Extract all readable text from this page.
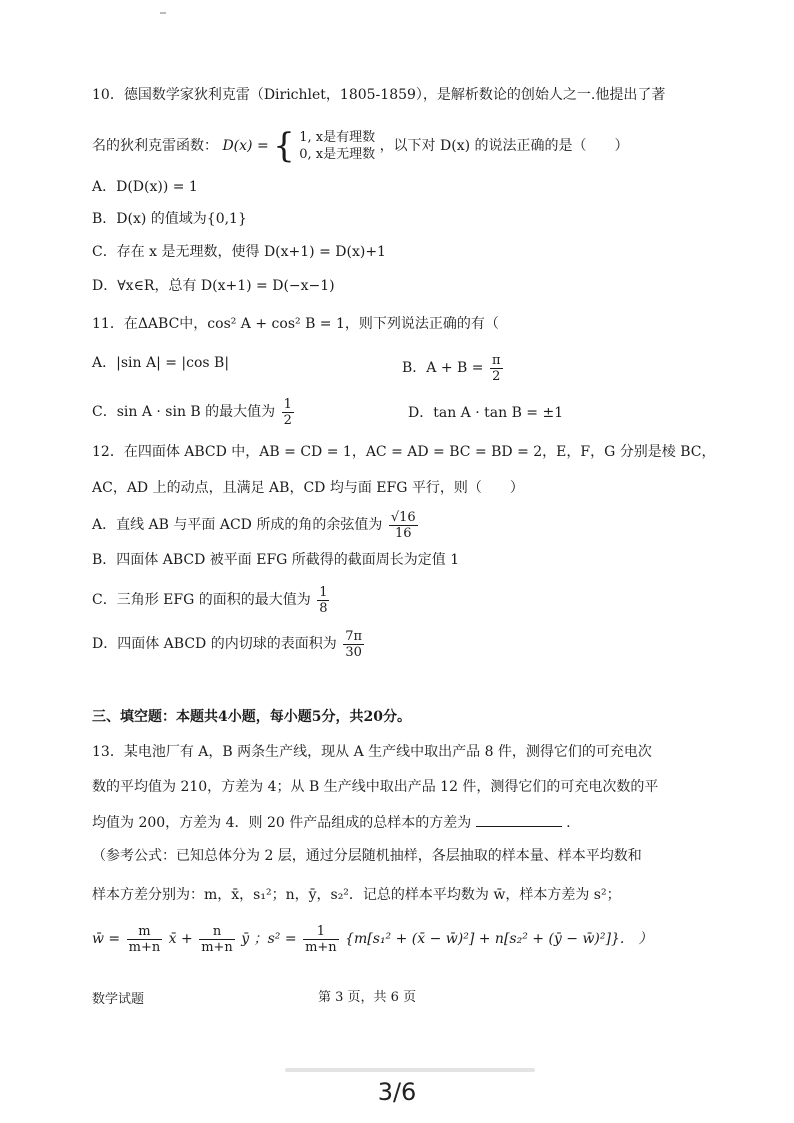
10．德国数学家狄利克雷（Dirichlet，1805-1859），是解析数论的创始人之一.他提出了著
名的狄利克雷函数： D(x) = { 1, x是有理数
0, x是无理数
，以下对 D(x) 的说法正确的是（　　）
A．D(D(x)) = 1
B．D(x) 的值域为{0,1}
C．存在 x 是无理数，使得 D(x+1) = D(x)+1
D．∀x∈R，总有 D(x+1) = D(−x−1)
11．在ΔABC中，cos² A + cos² B = 1，则下列说法正确的有（
A．|sin A| = |cos B|	B．$A + B = \frac{\pi}{2}$
C．sin A · sin B 的最大值为 $\frac{1}{2}$	D．tan A · tan B = ±1
12．在四面体 ABCD 中，AB = CD = 1，AC = AD = BC = BD = 2，E，F，G 分别是棱 BC，
AC，AD 上的动点，且满足 AB，CD 均与面 EFG 平行，则（　　）
A．直线 AB 与平面 ACD 所成的角的余弦值为 $\frac{√16}{16}$
B．四面体 ABCD 被平面 EFG 所截得的截面周长为定值 1
C．三角形 EFG 的面积的最大值为 $\frac{1}{8}$
D．四面体 ABCD 的内切球的表面积为 $\frac{7\pi}{30}$
三、填空题：本题共4小题，每小题5分，共20分。
13．某电池厂有 A，B 两条生产线，现从 A 生产线中取出产品 8 件，测得它们的可充电次
数的平均值为 210，方差为 4；从 B 生产线中取出产品 12 件，测得它们的可充电次数的平
均值为 200，方差为 4．则 20 件产品组成的总样本的方差为	.
（参考公式：已知总体分为 2 层，通过分层随机抽样，各层抽取的样本量、样本平均数和
样本方差分别为：m，x̄，s₁²；n，ȳ，s₂²．记总的样本平均数为 w̄，样本方差为 s²；
w̄ = $\frac{m}{m+n}$ x̄ + $\frac{n}{m+n}$ ȳ ；$s^2 = \frac{1}{m+n} \{m[s_1^2$ + (x̄ − w̄)²] + n[s₂² + (ȳ − w̄)²]}.　）
数学试题	第 3 页，共 6 页
3/6
